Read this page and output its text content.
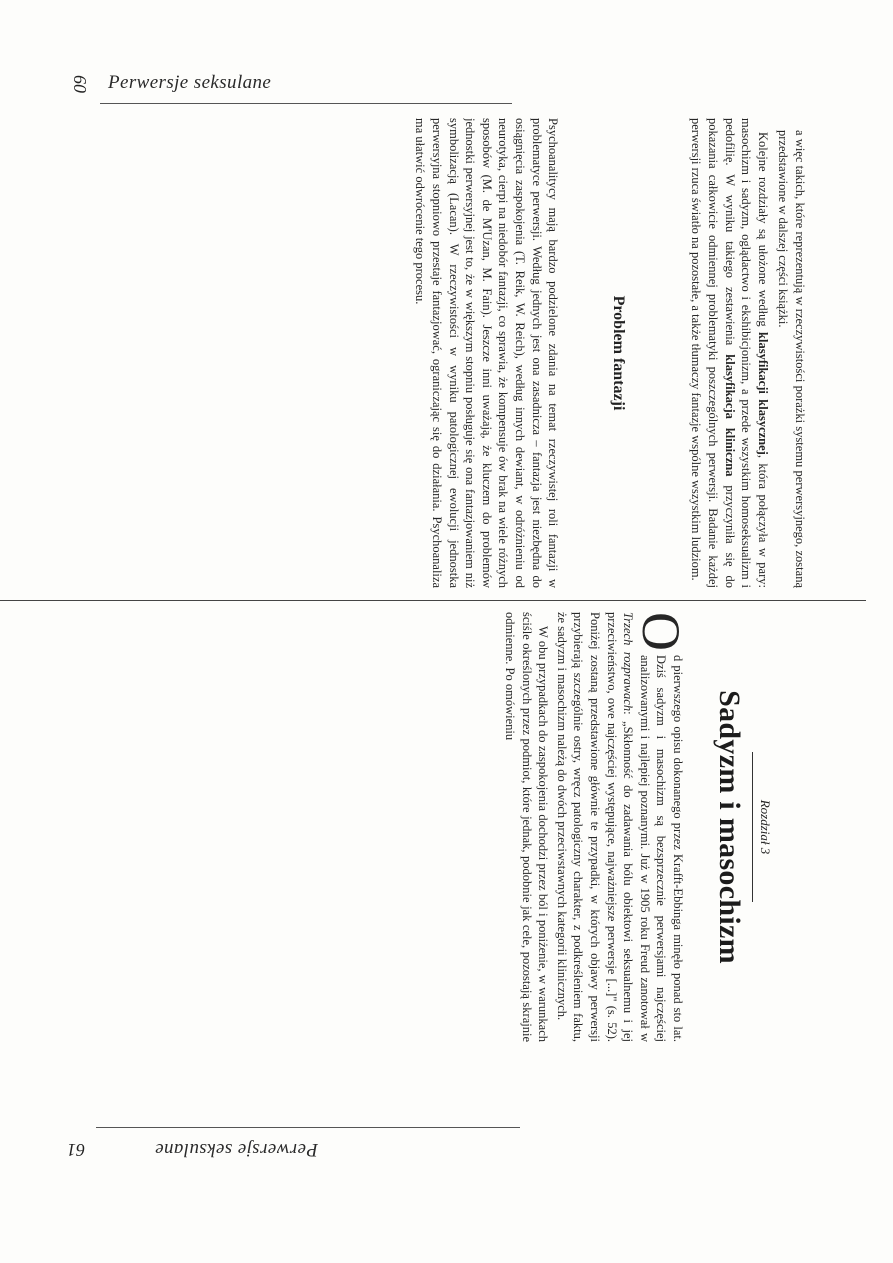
60 Perwersje seksulane

a więc takich, które reprezentują w rzeczywistości porażki systemu perwersyjnego, zostaną przedstawione w dalszej części książki.

Kolejne rozdziały są ułożone według klasyfikacji klasycznej, która połączyła w pary: masochizm i sadyzm, oglądactwo i ekshibicjonizm, a przede wszystkim homoseksualizm i pedofilię. W wyniku takiego zestawienia klasyfikacja kliniczna przyczyniła się do pokazania całkowicie odmiennej problematyki poszczególnych perwersji. Badanie każdej perwersji rzuca światło na pozostałe, a także tłumaczy fantazje wspólne wszystkim ludziom.

Problem fantazji

Psychoanalitycy mają bardzo podzielone zdania na temat rzeczywistej roli fantazji w problematyce perwersji. Według jednych jest ona zasadnicza – fantazja jest niezbędna do osiągnięcia zaspokojenia (T. Reik, W. Reich), według innych dewiant, w odróżnieniu od neurotyka, cierpi na niedobór fantazji, co sprawia, że kompensuje ów brak na wiele różnych sposobów (M. de M'Uzan, M. Fain). Jeszcze inni uważają, że kluczem do problemów jednostki perwersyjnej jest to, że w większym stopniu posługuje się ona fantazjowaniem niż symbolizacją (Lacan). W rzeczywistości w wyniku patologicznej ewolucji jednostka perwersyjna stopniowo przestaje fantazjować, ograniczając się do działania. Psychoanaliza ma ułatwić odwrócenie tego procesu.

Rozdział 3
Sadyzm i masochizm

O
d pierwszego opisu dokonanego przez Krafft-Ebbinga minęło ponad sto lat. Dziś sadyzm i masochizm są bezsprzecznie perwersjami najczęściej analizowanymi i najlepiej poznanymi. Już w 1905 roku Freud zanotował w Trzech rozprawach: „Skłonność do zadawania bólu obiektowi seksualnemu i jej przeciwieństwo, owe najczęściej występujące, najważniejsze perwersje [...]" (s. 52). Poniżej zostaną przedstawione głównie te przypadki, w których objawy perwersji przybierają szczególnie ostry, wręcz patologiczny charakter, z podkreśleniem faktu, że sadyzm i masochizm należą do dwóch przeciwstawnych kategorii klinicznych.

W obu przypadkach do zaspokojenia dochodzi przez ból i poniżenie, w warunkach ściśle określonych przez podmiot, które jednak, podobnie jak cele, pozostają skrajnie odmienne. Po omówieniu

Perwersje seksulane
61
